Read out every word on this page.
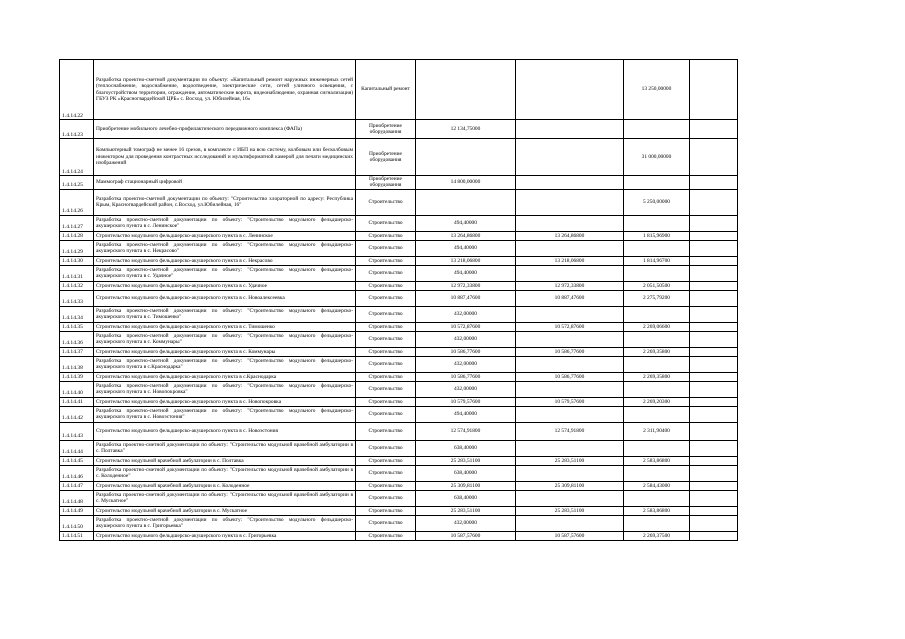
1.4.14.22	Разработка проектно-сметной документации по объекту: «Капитальный ремонт наружных инженерных сетей (теплоснабжение, водоснабжение, водоотведение, электрические сети, сетей уличного освещения, с благоустройством территории, ограждение, автоматические ворота, видеонаблюдение, охранная сигнализация) ГБУЗ РК «Красногвардейской ЦРБ» с. Восход, ул. Юбилейная, 16»	Капитальный ремонт			13 250,00000	
1.4.14.23	Приобретение мобильного лечебно-профилактического передвижного комплекса (ФАПа)	Приобретение оборудования	12 134,75000			
1.4.14.24	Компьютерный томограф не менее 16 срезов, в комплекте с ИБП на всю систему, колбовым или бесколбовым инжектором для проведения контрастных исследований и мультиформатной камерой для печати медицинских изображений	Приобретение оборудования			31 000,00000	
1.4.14.25	Маммограф стационарный цифровой	Приобретение оборудования	14 800,00000			
1.4.14.26	Разработка проектно-сметной документации по объекту: "Строительство хлораторной по адресу: Республика Крым, Красногвардейский район, с.Восход, ул.Юбилейная, 16"	Строительство			5 250,00000	
1.4.14.27	Разработка проектно-сметной документации по объекту: "Строительство модульного фельдшерско-акушерского пункта в с. Ленинское"	Строительство	494,40000			
1.4.14.28	Строительство модульного фельдшерско-акушерского пункта в с. Ленинское	Строительство	13 264,86800	13 264,86800	1 815,96900	
1.4.14.29	Разработка проектно-сметной документации по объекту: "Строительство модульного фельдшерско-акушерского пункта в с. Некрасово"	Строительство	494,40000			
1.4.14.30	Строительство модульного фельдшерско-акушерского пункта в с. Некрасово	Строительство	13 218,06800	13 218,06800	1 814,96700	
1.4.14.31	Разработка проектно-сметной документации по объекту: "Строительство модульного фельдшерско-акушерского пункта в с. Удачное"	Строительство	494,40000			
1.4.14.32	Строительство модульного фельдшерско-акушерского пункта в с. Удачное	Строительство	12 972,33800	12 972,33800	2 051,50500	
1.4.14.33	Строительство модульного фельдшерско-акушерского пункта в с. Новоалексеевка	Строительство	10 887,47600	10 887,47600	2 275,79200	
1.4.14.34	Разработка проектно-сметной документации по объекту: "Строительство модульного фельдшерско-акушерского пункта в с. Тимошенко"	Строительство	432,00000			
1.4.14.35	Строительство модульного фельдшерско-акушерского пункта в с. Тимошенко	Строительство	10 572,87600	10 572,87600	2 269,06600	
1.4.14.36	Разработка проектно-сметной документации по объекту: "Строительство модульного фельдшерско-акушерского пункта в с. Коммунары"	Строительство	432,00000			
1.4.14.37	Строительство модульного фельдшерско-акушерского пункта в с. Коммунары	Строительство	10 586,77600	10 586,77600	2 269,35800	
1.4.14.38	Разработка проектно-сметной документации по объекту: "Строительство модульного фельдшерско-акушерского пункта в с.Краснодарка"	Строительство	432,00000			
1.4.14.39	Строительство модульного фельдшерско-акушерского пункта в с.Краснодарка	Строительство	10 586,77600	10 586,77600	2 269,35800	
1.4.14.40	Разработка проектно-сметной документации по объекту: "Строительство модульного фельдшерско-акушерского пункта в с. Новопокровка"	Строительство	432,00000			
1.4.14.41	Строительство модульного фельдшерско-акушерского пункта в с. Новопокровка	Строительство	10 579,57600	10 579,57600	2 269,20300	
1.4.14.42	Разработка проектно-сметной документации по объекту: "Строительство модульного фельдшерско-акушерского пункта в с. Новоэстония"	Строительство	494,40000			
1.4.14.43	Строительство модульного фельдшерско-акушерского пункта в с. Новоэстония	Строительство	12 574,91800	12 574,91800	2 311,90400	
1.4.14.44	Разработка проектно-сметной документации по объекту: "Строительство модульной врачебной амбулатории в с. Полтавка"	Строительство	638,40000			
1.4.14.45	Строительство модульной врачебной амбулатории в с. Полтавка	Строительство	25 283,51100	25 283,51100	2 583,86800	
1.4.14.46	Разработка проектно-сметной документации по объекту: "Строительство модульной врачебной амбулатории в с. Колоденное"	Строительство	638,40000			
1.4.14.47	Строительство модульной врачебной амбулатории в с. Колоденное	Строительство	25 309,81100	25 309,81100	2 584,43000	
1.4.14.48	Разработка проектно-сметной документации по объекту: "Строительство модульной врачебной амбулатории в с. Мускатное"	Строительство	638,40000			
1.4.14.49	Строительство модульной врачебной амбулатории в с. Мускатное	Строительство	25 283,51100	25 283,51100	2 583,86800	
1.4.14.50	Разработка проектно-сметной документации по объекту: "Строительство модульного фельдшерско-акушерского пункта в с. Григорьевка"	Строительство	432,00000			
1.4.14.51	Строительство модульного фельдшерско-акушерского пункта в с. Григорьевка	Строительство	10 587,57600	10 587,57600	2 269,37500	
